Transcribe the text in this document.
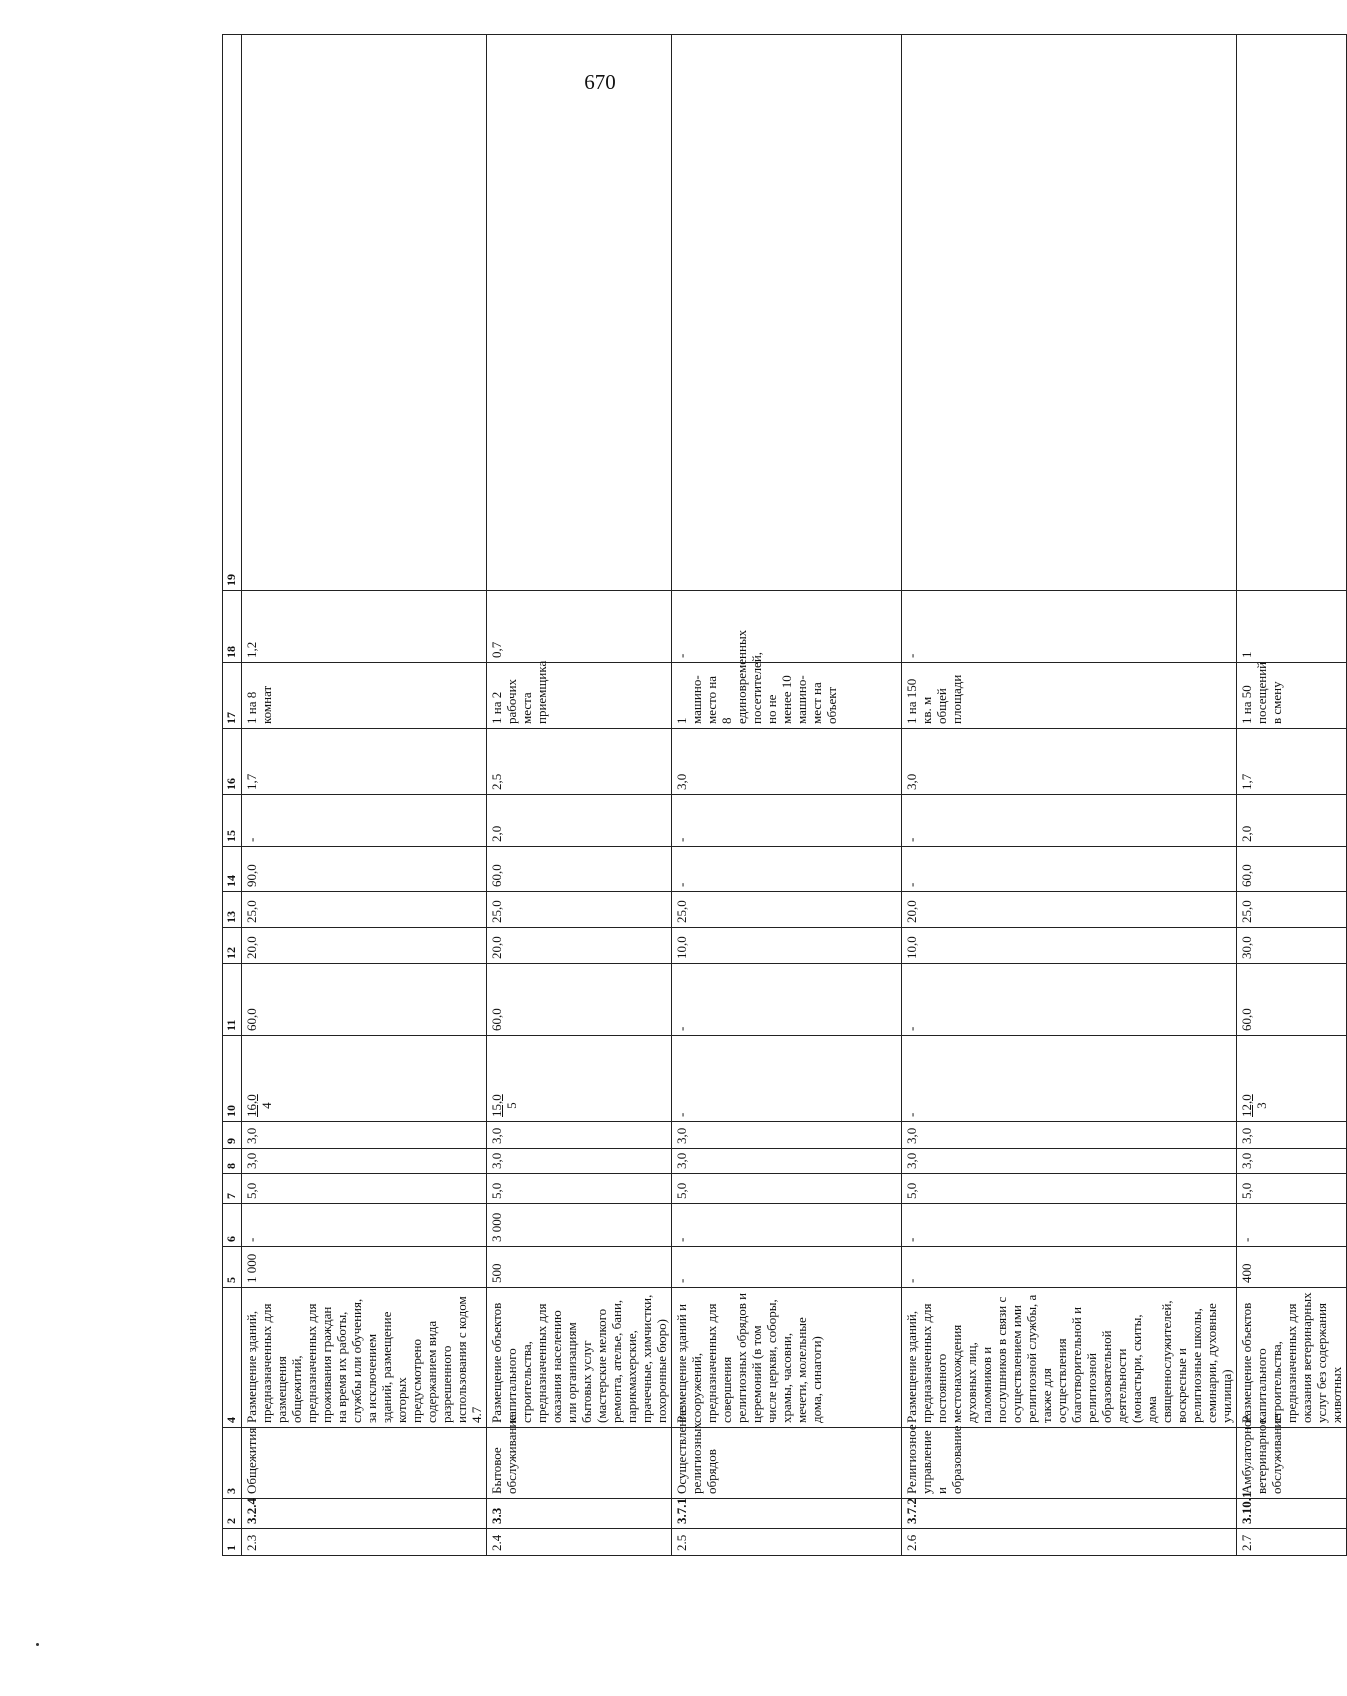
670
1	2	3	4	5	6	7	8	9	10	11	12	13	14	15	16	17	18	19
2.3	3.2.4	Общежития	Размещение зданий, предназначенных для размещения общежитий, предназначенных для проживания граждан на время их работы, службы или обучения, за исключением зданий, размещение которых предусмотрено содержанием вида разрешенного использования с кодом 4.7	1 000	-	5,0	3,0	3,0	16,0 4	60,0	20,0	25,0	90,0	-	1,7	1 на 8 комнат	1,2	
2.4	3.3	Бытовое обслуживание	Размещение объектов капитального строительства, предназначенных для оказания населению или организациям бытовых услуг (мастерские мелкого ремонта, ателье, бани, парикмахерские, прачечные, химчистки, похоронные бюро)	500	3 000	5,0	3,0	3,0	15,0 5	60,0	20,0	25,0	60,0	2,0	2,5	1 на 2 рабочих места приемщика	0,7	
2.5	3.7.1	Осуществление религиозных обрядов	Размещение зданий и сооружений, предназначенных для совершения религиозных обрядов и церемоний (в том числе церкви, соборы, храмы, часовни, мечети, молельные дома, синагоги)	-	-	5,0	3,0	3,0	-	-	10,0	25,0	-	-	3,0	1 машино-место на 8 единовременных посетителей, но не менее 10 машино-мест на объект	-	
2.6	3.7.2	Религиозное управление и образование	Размещение зданий, предназначенных для постоянного местонахождения духовных лиц, паломников и послушников в связи с осуществлением ими религиозной службы, а также для осуществления благотворительной и религиозной образовательной деятельности (монастыри, скиты, дома священнослужителей, воскресные и религиозные школы, семинарии, духовные училища)	-	-	5,0	3,0	3,0	-	-	10,0	20,0	-	-	3,0	1 на 150 кв. м общей площади	-	
2.7	3.10.1	Амбулаторное ветеринарное обслуживание	Размещение объектов капитального строительства, предназначенных для оказания ветеринарных услуг без содержания животных	400	-	5,0	3,0	3,0	12,0 3	60,0	30,0	25,0	60,0	2,0	1,7	1 на 50 посещений в смену	1	
